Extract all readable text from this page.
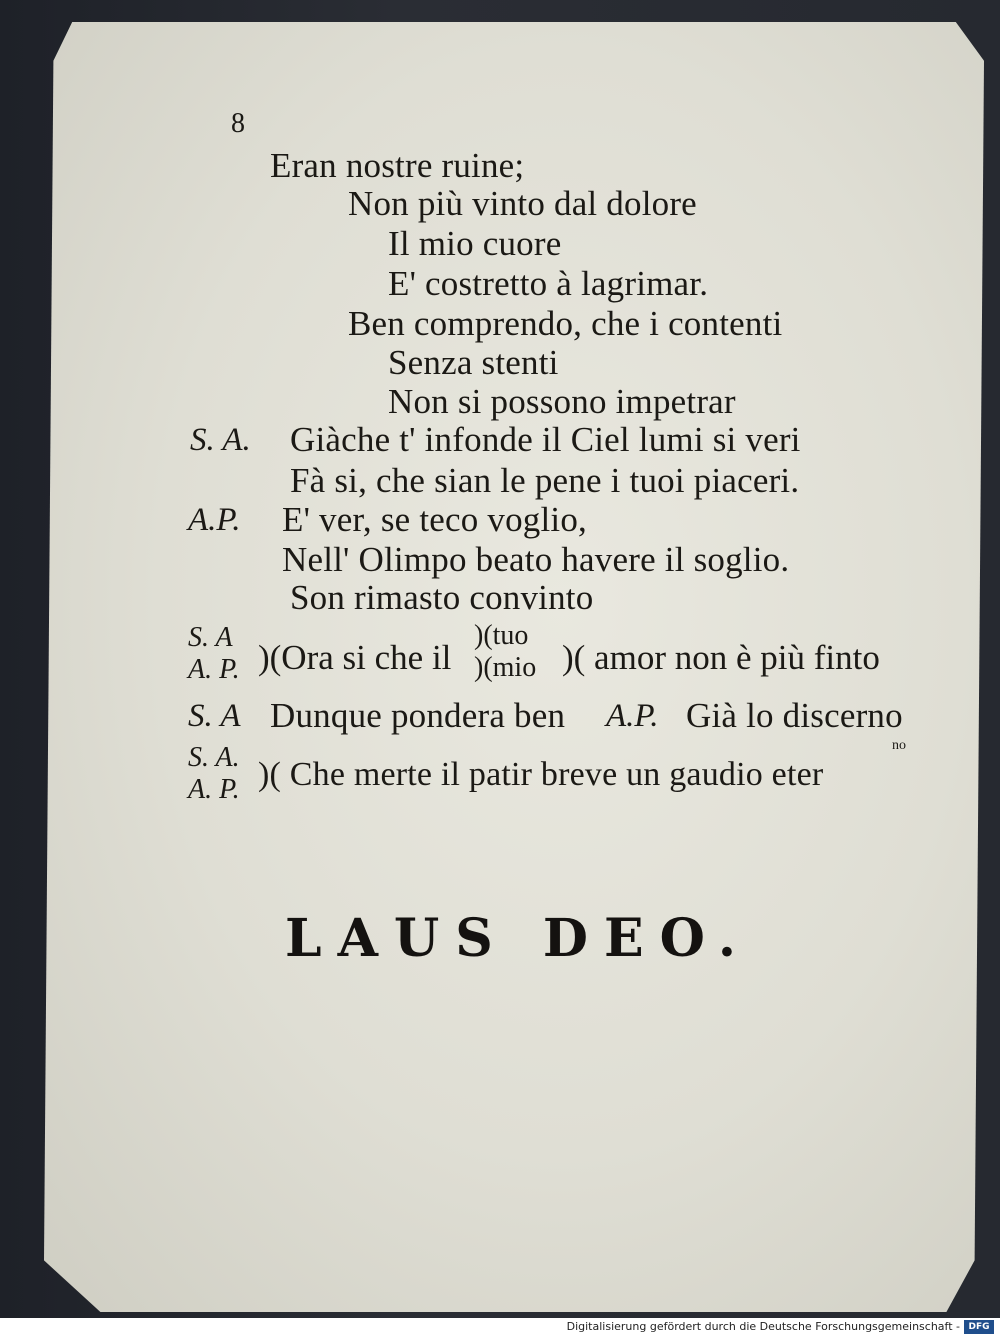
8
Eran nostre ruine;
Non più vinto dal dolore
Il mio cuore
E' costretto à lagrimar.
Ben comprendo, che i contenti
Senza stenti
Non si possono impetrar
S. A. Giàche t' infonde il Ciel lumi si veri
Fà si, che sian le pene i tuoi piaceri.
A.P. E' ver, se teco voglio,
Nell' Olimpo beato havere il soglio.
Son rimasto convinto
S. A
A. P. )(Ora si che il
)(tuo
)(mio )( amor non è più finto
S. A Dunque pondera ben A.P. Già lo discerno
S. A.
A. P. )( Che merte il patir breve un gaudio eter
no
LAUS DEO.
Digitalisierung gefördert durch die Deutsche Forschungsgemeinschaft - DFG
